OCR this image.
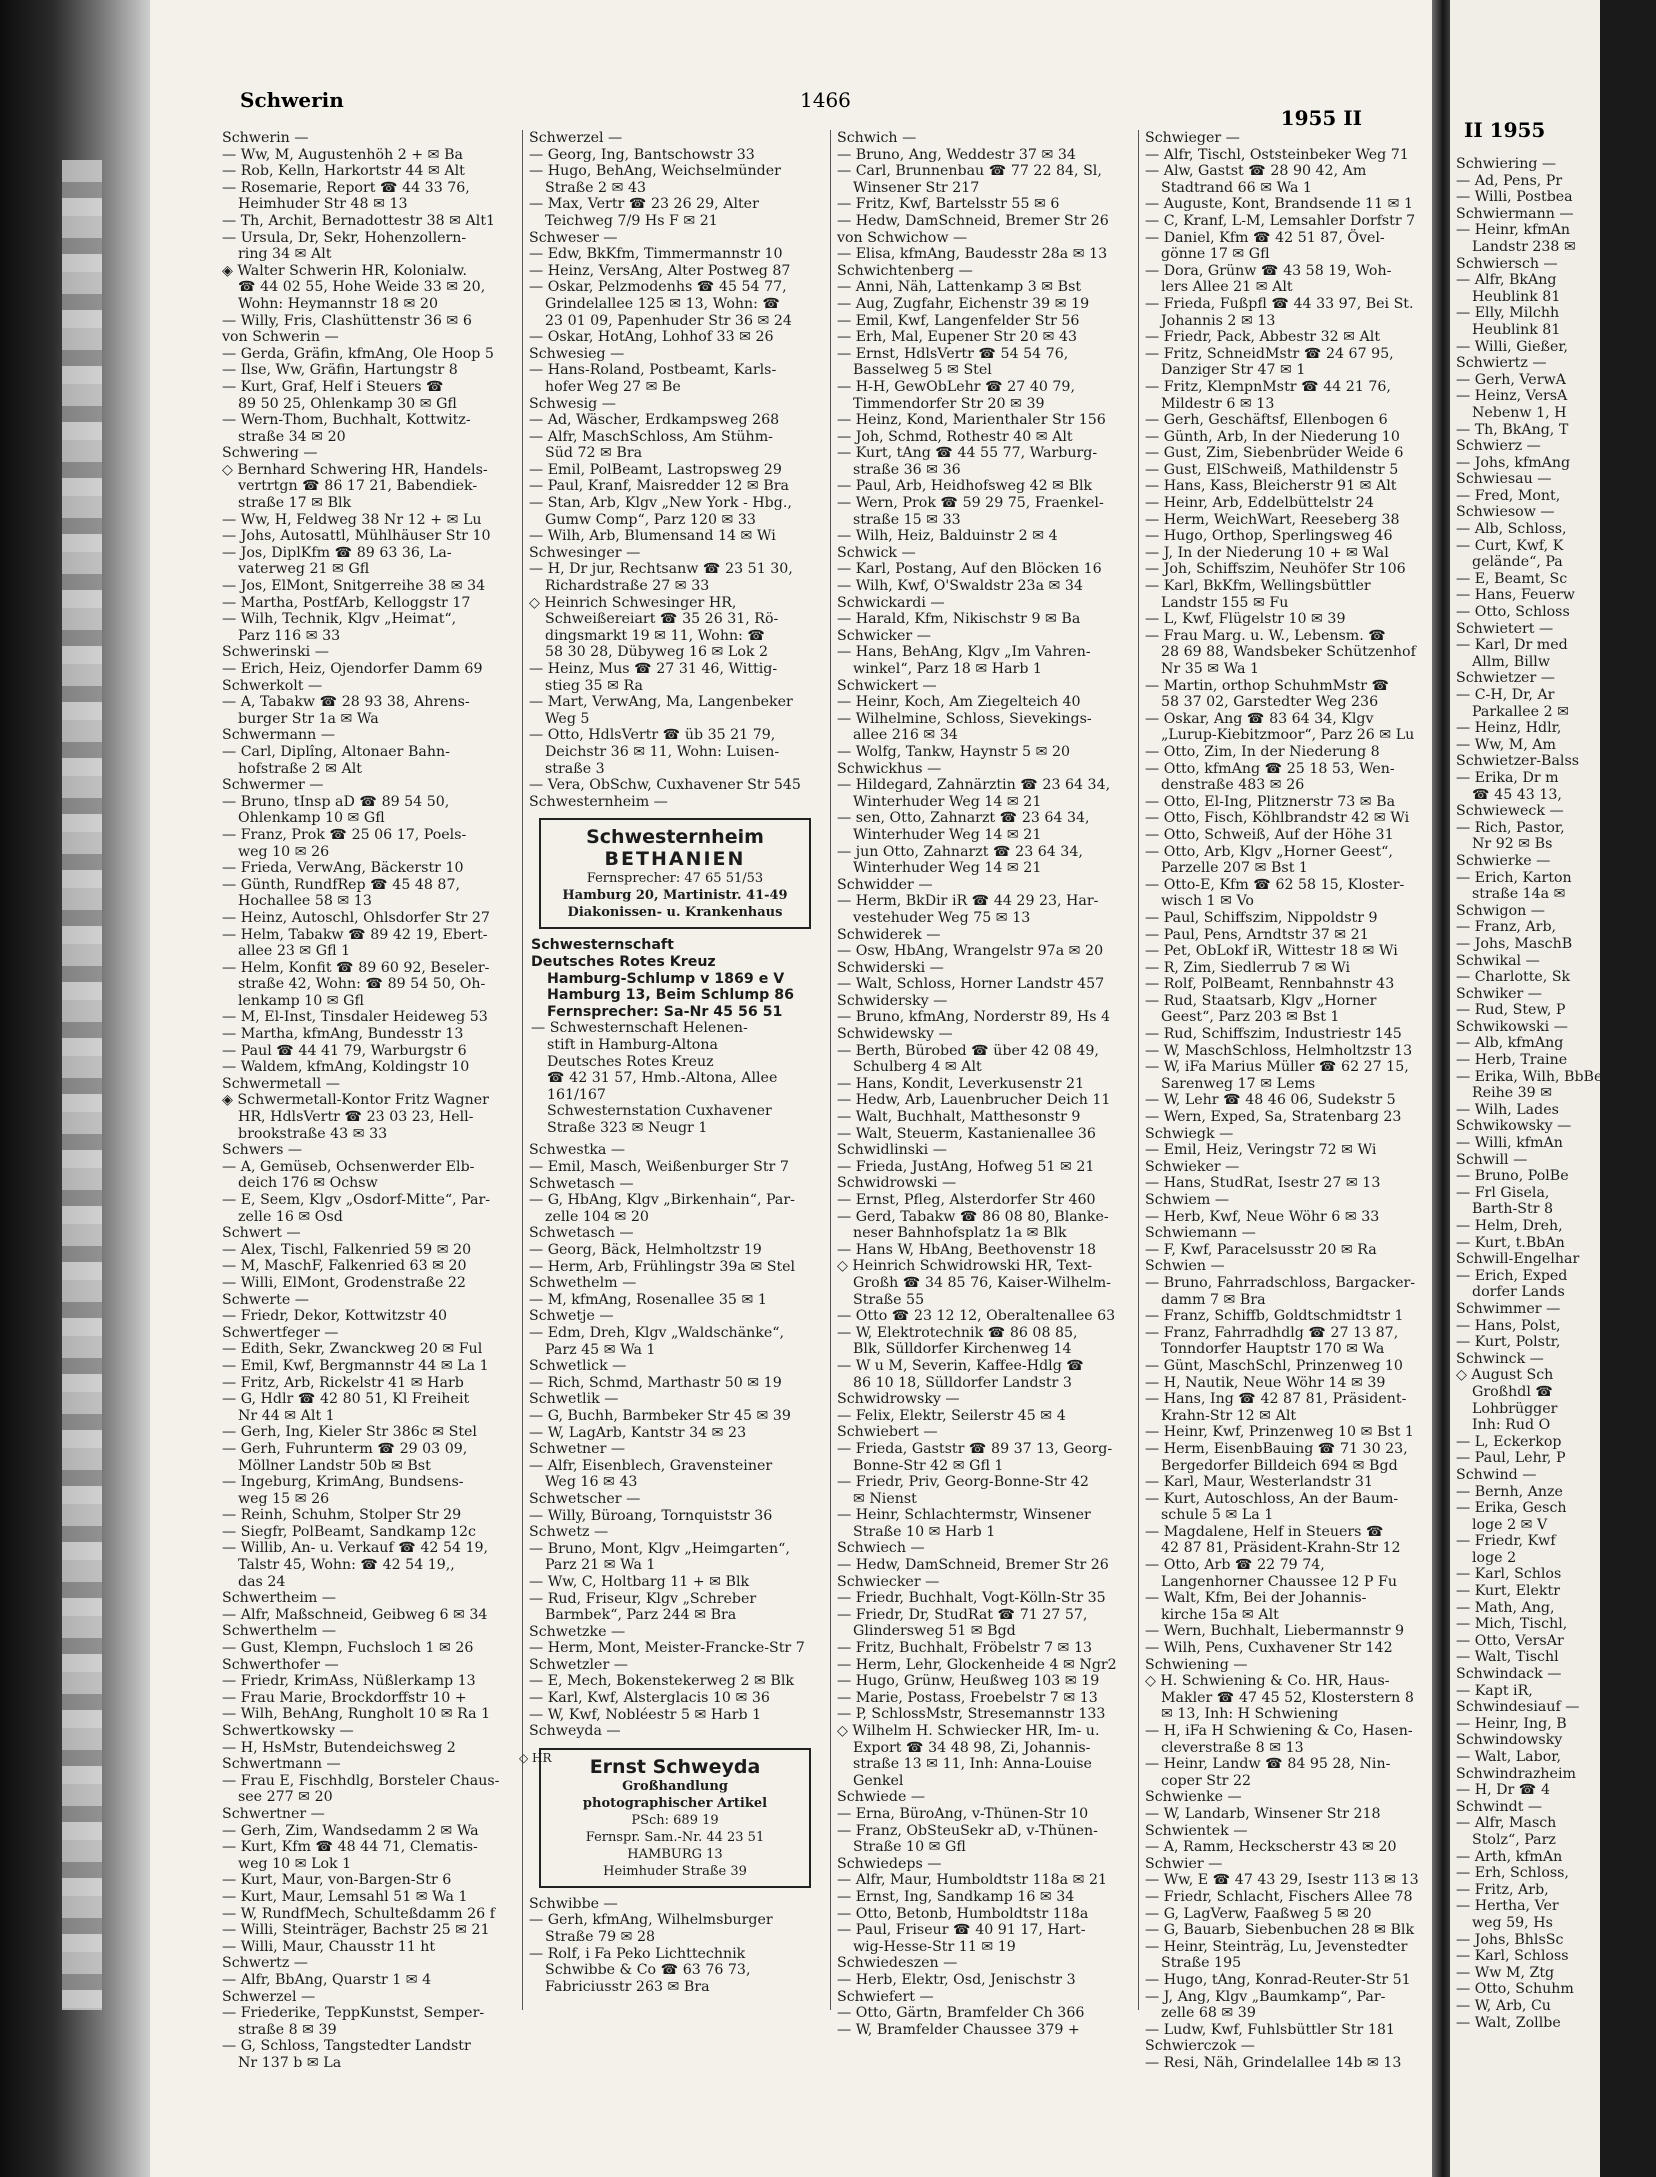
Schwerin	1466
1955 II
Schwerin —
— Ww, M, Augustenhöh 2 + ✉ Ba
— Rob, Kelln, Harkortstr 44 ✉ Alt
— Rosemarie, Report ☎ 44 33 76,
Heimhuder Str 48 ✉ 13
— Th, Archit, Bernadottestr 38 ✉ Alt1
— Ursula, Dr, Sekr, Hohenzollern-
ring 34 ✉ Alt
◈ Walter Schwerin HR, Kolonialw.
☎ 44 02 55, Hohe Weide 33 ✉ 20,
Wohn: Heymannstr 18 ✉ 20
— Willy, Fris, Clashüttenstr 36 ✉ 6
von Schwerin —
— Gerda, Gräfin, kfmAng, Ole Hoop 5
— Ilse, Ww, Gräfin, Hartungstr 8
— Kurt, Graf, Helf i Steuers ☎
89 50 25, Ohlenkamp 30 ✉ Gfl
— Wern-Thom, Buchhalt, Kottwitz-
straße 34 ✉ 20
Schwering —
◇ Bernhard Schwering HR, Handels-
vertrtgn ☎ 86 17 21, Babendiek-
straße 17 ✉ Blk
— Ww, H, Feldweg 38 Nr 12 + ✉ Lu
— Johs, Autosattl, Mühlhäuser Str 10
— Jos, DiplKfm ☎ 89 63 36, La-
vaterweg 21 ✉ Gfl
— Jos, ElMont, Snitgerreihe 38 ✉ 34
— Martha, PostfArb, Kelloggstr 17
— Wilh, Technik, Klgv „Heimat“,
Parz 116 ✉ 33
Schwerinski —
— Erich, Heiz, Ojendorfer Damm 69
Schwerkolt —
— A, Tabakw ☎ 28 93 38, Ahrens-
burger Str 1a ✉ Wa
Schwermann —
— Carl, Diplîng, Altonaer Bahn-
hofstraße 2 ✉ Alt
Schwermer —
— Bruno, tInsp aD ☎ 89 54 50,
Ohlenkamp 10 ✉ Gfl
— Franz, Prok ☎ 25 06 17, Poels-
weg 10 ✉ 26
— Frieda, VerwAng, Bäckerstr 10
— Günth, RundfRep ☎ 45 48 87,
Hochallee 58 ✉ 13
— Heinz, Autoschl, Ohlsdorfer Str 27
— Helm, Tabakw ☎ 89 42 19, Ebert-
allee 23 ✉ Gfl 1
— Helm, Konfit ☎ 89 60 92, Beseler-
straße 42, Wohn: ☎ 89 54 50, Oh-
lenkamp 10 ✉ Gfl
— M, El-Inst, Tinsdaler Heideweg 53
— Martha, kfmAng, Bundesstr 13
— Paul ☎ 44 41 79, Warburgstr 6
— Waldem, kfmAng, Koldingstr 10
Schwermetall —
◈ Schwermetall-Kontor Fritz Wagner
HR, HdlsVertr ☎ 23 03 23, Hell-
brookstraße 43 ✉ 33
Schwers —
— A, Gemüseb, Ochsenwerder Elb-
deich 176 ✉ Ochsw
— E, Seem, Klgv „Osdorf-Mitte“, Par-
zelle 16 ✉ Osd
Schwert —
— Alex, Tischl, Falkenried 59 ✉ 20
— M, MaschF, Falkenried 63 ✉ 20
— Willi, ElMont, Grodenstraße 22
Schwerte —
— Friedr, Dekor, Kottwitzstr 40
Schwertfeger —
— Edith, Sekr, Zwanckweg 20 ✉ Ful
— Emil, Kwf, Bergmannstr 44 ✉ La 1
— Fritz, Arb, Rickelstr 41 ✉ Harb
— G, Hdlr ☎ 42 80 51, Kl Freiheit
Nr 44 ✉ Alt 1
— Gerh, Ing, Kieler Str 386c ✉ Stel
— Gerh, Fuhrunterm ☎ 29 03 09,
Möllner Landstr 50b ✉ Bst
— Ingeburg, KrimAng, Bundsens-
weg 15 ✉ 26
— Reinh, Schuhm, Stolper Str 29
— Siegfr, PolBeamt, Sandkamp 12c
— Willib, An- u. Verkauf ☎ 42 54 19,
Talstr 45, Wohn: ☎ 42 54 19,,
das 24
Schwertheim —
— Alfr, Maßschneid, Geibweg 6 ✉ 34
Schwerthelm —
— Gust, Klempn, Fuchsloch 1 ✉ 26
Schwerthofer —
— Friedr, KrimAss, Nüßlerkamp 13
— Frau Marie, Brockdorffstr 10 +
— Wilh, BehAng, Rungholt 10 ✉ Ra 1
Schwertkowsky —
— H, HsMstr, Butendeichsweg 2
Schwertmann —
— Frau E, Fischhdlg, Borsteler Chaus-
see 277 ✉ 20
Schwertner —
— Gerh, Zim, Wandsedamm 2 ✉ Wa
— Kurt, Kfm ☎ 48 44 71, Clematis-
weg 10 ✉ Lok 1
— Kurt, Maur, von-Bargen-Str 6
— Kurt, Maur, Lemsahl 51 ✉ Wa 1
— W, RundfMech, Schulteßdamm 26 f
— Willi, Steinträger, Bachstr 25 ✉ 21
— Willi, Maur, Chausstr 11 ht
Schwertz —
— Alfr, BbAng, Quarstr 1 ✉ 4
Schwerzel —
— Friederike, TeppKunstst, Semper-
straße 8 ✉ 39
— G, Schloss, Tangstedter Landstr
Nr 137 b ✉ La
Schwerzel —
— Georg, Ing, Bantschowstr 33
— Hugo, BehAng, Weichselmünder
Straße 2 ✉ 43
— Max, Vertr ☎ 23 26 29, Alter
Teichweg 7/9 Hs F ✉ 21
Schweser —
— Edw, BkKfm, Timmermannstr 10
— Heinz, VersAng, Alter Postweg 87
— Oskar, Pelzmodenhs ☎ 45 54 77,
Grindelallee 125 ✉ 13, Wohn: ☎
23 01 09, Papenhuder Str 36 ✉ 24
— Oskar, HotAng, Lohhof 33 ✉ 26
Schwesieg —
— Hans-Roland, Postbeamt, Karls-
hofer Weg 27 ✉ Be
Schwesig —
— Ad, Wäscher, Erdkampsweg 268
— Alfr, MaschSchloss, Am Stühm-
Süd 72 ✉ Bra
— Emil, PolBeamt, Lastropsweg 29
— Paul, Kranf, Maisredder 12 ✉ Bra
— Stan, Arb, Klgv „New York - Hbg.,
Gumw Comp“, Parz 120 ✉ 33
— Wilh, Arb, Blumensand 14 ✉ Wi
Schwesinger —
— H, Dr jur, Rechtsanw ☎ 23 51 30,
Richardstraße 27 ✉ 33
◇ Heinrich Schwesinger HR,
Schweißereiart ☎ 35 26 31, Rö-
dingsmarkt 19 ✉ 11, Wohn: ☎
58 30 28, Dübyweg 16 ✉ Lok 2
— Heinz, Mus ☎ 27 31 46, Wittig-
stieg 35 ✉ Ra
— Mart, VerwAng, Ma, Langenbeker
Weg 5
— Otto, HdlsVertr ☎ üb 35 21 79,
Deichstr 36 ✉ 11, Wohn: Luisen-
straße 3
— Vera, ObSchw, Cuxhavener Str 545
Schwesternheim —
Schwesternheim
BETHANIEN
Fernsprecher: 47 65 51/53
Hamburg 20, Martinistr. 41-49
Diakonissen- u. Krankenhaus
Schwesternschaft
Deutsches Rotes Kreuz
Hamburg-Schlump v 1869 e V
Hamburg 13, Beim Schlump 86
Fernsprecher: Sa-Nr 45 56 51
— Schwesternschaft Helenen-
stift in Hamburg-Altona
Deutsches Rotes Kreuz
☎ 42 31 57, Hmb.-Altona, Allee
161/167
Schwesternstation Cuxhavener
Straße 323 ✉ Neugr 1
Schwestka —
— Emil, Masch, Weißenburger Str 7
Schwetasch —
— G, HbAng, Klgv „Birkenhain“, Par-
zelle 104 ✉ 20
Schwetasch —
— Georg, Bäck, Helmholtzstr 19
— Herm, Arb, Frühlingstr 39a ✉ Stel
Schwethelm —
— M, kfmAng, Rosenallee 35 ✉ 1
Schwetje —
— Edm, Dreh, Klgv „Waldschänke“,
Parz 45 ✉ Wa 1
Schwetlick —
— Rich, Schmd, Marthastr 50 ✉ 19
Schwetlik —
— G, Buchh, Barmbeker Str 45 ✉ 39
— W, LagArb, Kantstr 34 ✉ 23
Schwetner —
— Alfr, Eisenblech, Gravensteiner
Weg 16 ✉ 43
Schwetscher —
— Willy, Büroang, Tornquiststr 36
Schwetz —
— Bruno, Mont, Klgv „Heimgarten“,
Parz 21 ✉ Wa 1
— Ww, C, Holtbarg 11 + ✉ Blk
— Rud, Friseur, Klgv „Schreber
Barmbek“, Parz 244 ✉ Bra
Schwetzke —
— Herm, Mont, Meister-Francke-Str 7
Schwetzler —
— E, Mech, Bokenstekerweg 2 ✉ Blk
— Karl, Kwf, Alsterglacis 10 ✉ 36
— W, Kwf, Nobléestr 5 ✉ Harb 1
Schweyda —
◇ HR	Ernst Schweyda
Großhandlung
photographischer Artikel
PSch: 689 19
Fernspr. Sam.-Nr. 44 23 51
HAMBURG 13
Heimhuder Straße 39
Schwibbe —
— Gerh, kfmAng, Wilhelmsburger
Straße 79 ✉ 28
— Rolf, i Fa Peko Lichttechnik
Schwibbe & Co ☎ 63 76 73,
Fabriciusstr 263 ✉ Bra
Schwich —
— Bruno, Ang, Weddestr 37 ✉ 34
— Carl, Brunnenbau ☎ 77 22 84, Sl,
Winsener Str 217
— Fritz, Kwf, Bartelsstr 55 ✉ 6
— Hedw, DamSchneid, Bremer Str 26
von Schwichow —
— Elisa, kfmAng, Baudesstr 28a ✉ 13
Schwichtenberg —
— Anni, Näh, Lattenkamp 3 ✉ Bst
— Aug, Zugfahr, Eichenstr 39 ✉ 19
— Emil, Kwf, Langenfelder Str 56
— Erh, Mal, Eupener Str 20 ✉ 43
— Ernst, HdlsVertr ☎ 54 54 76,
Basselweg 5 ✉ Stel
— H-H, GewObLehr ☎ 27 40 79,
Timmendorfer Str 20 ✉ 39
— Heinz, Kond, Marienthaler Str 156
— Joh, Schmd, Rothestr 40 ✉ Alt
— Kurt, tAng ☎ 44 55 77, Warburg-
straße 36 ✉ 36
— Paul, Arb, Heidhofsweg 42 ✉ Blk
— Wern, Prok ☎ 59 29 75, Fraenkel-
straße 15 ✉ 33
— Wilh, Heiz, Balduinstr 2 ✉ 4
Schwick —
— Karl, Postang, Auf den Blöcken 16
— Wilh, Kwf, O'Swaldstr 23a ✉ 34
Schwickardi —
— Harald, Kfm, Nikischstr 9 ✉ Ba
Schwicker —
— Hans, BehAng, Klgv „Im Vahren-
winkel“, Parz 18 ✉ Harb 1
Schwickert —
— Heinr, Koch, Am Ziegelteich 40
— Wilhelmine, Schloss, Sievekings-
allee 216 ✉ 34
— Wolfg, Tankw, Haynstr 5 ✉ 20
Schwickhus —
— Hildegard, Zahnärztin ☎ 23 64 34,
Winterhuder Weg 14 ✉ 21
— sen, Otto, Zahnarzt ☎ 23 64 34,
Winterhuder Weg 14 ✉ 21
— jun Otto, Zahnarzt ☎ 23 64 34,
Winterhuder Weg 14 ✉ 21
Schwidder —
— Herm, BkDir iR ☎ 44 29 23, Har-
vestehuder Weg 75 ✉ 13
Schwiderek —
— Osw, HbAng, Wrangelstr 97a ✉ 20
Schwiderski —
— Walt, Schloss, Horner Landstr 457
Schwidersky —
— Bruno, kfmAng, Norderstr 89, Hs 4
Schwidewsky —
— Berth, Bürobed ☎ über 42 08 49,
Schulberg 4 ✉ Alt
— Hans, Kondit, Leverkusenstr 21
— Hedw, Arb, Lauenbrucher Deich 11
— Walt, Buchhalt, Matthesonstr 9
— Walt, Steuerm, Kastanienallee 36
Schwidlinski —
— Frieda, JustAng, Hofweg 51 ✉ 21
Schwidrowski —
— Ernst, Pfleg, Alsterdorfer Str 460
— Gerd, Tabakw ☎ 86 08 80, Blanke-
neser Bahnhofsplatz 1a ✉ Blk
— Hans W, HbAng, Beethovenstr 18
◇ Heinrich Schwidrowski HR, Text-
Großh ☎ 34 85 76, Kaiser-Wilhelm-
Straße 55
— Otto ☎ 23 12 12, Oberaltenallee 63
— W, Elektrotechnik ☎ 86 08 85,
Blk, Sülldorfer Kirchenweg 14
— W u M, Severin, Kaffee-Hdlg ☎
86 10 18, Sülldorfer Landstr 3
Schwidrowsky —
— Felix, Elektr, Seilerstr 45 ✉ 4
Schwiebert —
— Frieda, Gaststr ☎ 89 37 13, Georg-
Bonne-Str 42 ✉ Gfl 1
— Friedr, Priv, Georg-Bonne-Str 42
✉ Nienst
— Heinr, Schlachtermstr, Winsener
Straße 10 ✉ Harb 1
Schwiech —
— Hedw, DamSchneid, Bremer Str 26
Schwiecker —
— Friedr, Buchhalt, Vogt-Kölln-Str 35
— Friedr, Dr, StudRat ☎ 71 27 57,
Glindersweg 51 ✉ Bgd
— Fritz, Buchhalt, Fröbelstr 7 ✉ 13
— Herm, Lehr, Glockenheide 4 ✉ Ngr2
— Hugo, Grünw, Heußweg 103 ✉ 19
— Marie, Postass, Froebelstr 7 ✉ 13
— P, SchlossMstr, Stresemannstr 133
◇ Wilhelm H. Schwiecker HR, Im- u.
Export ☎ 34 48 98, Zi, Johannis-
straße 13 ✉ 11, Inh: Anna-Louise
Genkel
Schwiede —
— Erna, BüroAng, v-Thünen-Str 10
— Franz, ObSteuSekr aD, v-Thünen-
Straße 10 ✉ Gfl
Schwiedeps —
— Alfr, Maur, Humboldtstr 118a ✉ 21
— Ernst, Ing, Sandkamp 16 ✉ 34
— Otto, Betonb, Humboldtstr 118a
— Paul, Friseur ☎ 40 91 17, Hart-
wig-Hesse-Str 11 ✉ 19
Schwiedeszen —
— Herb, Elektr, Osd, Jenischstr 3
Schwiefert —
— Otto, Gärtn, Bramfelder Ch 366
— W, Bramfelder Chaussee 379 +
Schwieger —
— Alfr, Tischl, Oststeinbeker Weg 71
— Alw, Gastst ☎ 28 90 42, Am
Stadtrand 66 ✉ Wa 1
— Auguste, Kont, Brandsende 11 ✉ 1
— C, Kranf, L-M, Lemsahler Dorfstr 7
— Daniel, Kfm ☎ 42 51 87, Övel-
gönne 17 ✉ Gfl
— Dora, Grünw ☎ 43 58 19, Woh-
lers Allee 21 ✉ Alt
— Frieda, Fußpfl ☎ 44 33 97, Bei St.
Johannis 2 ✉ 13
— Friedr, Pack, Abbestr 32 ✉ Alt
— Fritz, SchneidMstr ☎ 24 67 95,
Danziger Str 47 ✉ 1
— Fritz, KlempnMstr ☎ 44 21 76,
Mildestr 6 ✉ 13
— Gerh, Geschäftsf, Ellenbogen 6
— Günth, Arb, In der Niederung 10
— Gust, Zim, Siebenbrüder Weide 6
— Gust, ElSchweiß, Mathildenstr 5
— Hans, Kass, Bleicherstr 91 ✉ Alt
— Heinr, Arb, Eddelbüttelstr 24
— Herm, WeichWart, Reeseberg 38
— Hugo, Orthop, Sperlingsweg 46
— J, In der Niederung 10 + ✉ Wal
— Joh, Schiffszim, Neuhöfer Str 106
— Karl, BkKfm, Wellingsbüttler
Landstr 155 ✉ Fu
— L, Kwf, Flügelstr 10 ✉ 39
— Frau Marg. u. W., Lebensm. ☎
28 69 88, Wandsbeker Schützenhof
Nr 35 ✉ Wa 1
— Martin, orthop SchuhmMstr ☎
58 37 02, Garstedter Weg 236
— Oskar, Ang ☎ 83 64 34, Klgv
„Lurup-Kiebitzmoor“, Parz 26 ✉ Lu
— Otto, Zim, In der Niederung 8
— Otto, kfmAng ☎ 25 18 53, Wen-
denstraße 483 ✉ 26
— Otto, El-Ing, Plitznerstr 73 ✉ Ba
— Otto, Fisch, Köhlbrandstr 42 ✉ Wi
— Otto, Schweiß, Auf der Höhe 31
— Otto, Arb, Klgv „Horner Geest“,
Parzelle 207 ✉ Bst 1
— Otto-E, Kfm ☎ 62 58 15, Kloster-
wisch 1 ✉ Vo
— Paul, Schiffszim, Nippoldstr 9
— Paul, Pens, Arndtstr 37 ✉ 21
— Pet, ObLokf iR, Wittestr 18 ✉ Wi
— R, Zim, Siedlerrub 7 ✉ Wi
— Rolf, PolBeamt, Rennbahnstr 43
— Rud, Staatsarb, Klgv „Horner
Geest“, Parz 203 ✉ Bst 1
— Rud, Schiffszim, Industriestr 145
— W, MaschSchloss, Helmholtzstr 13
— W, iFa Marius Müller ☎ 62 27 15,
Sarenweg 17 ✉ Lems
— W, Lehr ☎ 48 46 06, Sudekstr 5
— Wern, Exped, Sa, Stratenbarg 23
Schwiegk —
— Emil, Heiz, Veringstr 72 ✉ Wi
Schwieker —
— Hans, StudRat, Isestr 27 ✉ 13
Schwiem —
— Herb, Kwf, Neue Wöhr 6 ✉ 33
Schwiemann —
— F, Kwf, Paracelsusstr 20 ✉ Ra
Schwien —
— Bruno, Fahrradschloss, Bargacker-
damm 7 ✉ Bra
— Franz, Schiffb, Goldtschmidtstr 1
— Franz, Fahrradhdlg ☎ 27 13 87,
Tonndorfer Hauptstr 170 ✉ Wa
— Günt, MaschSchl, Prinzenweg 10
— H, Nautik, Neue Wöhr 14 ✉ 39
— Hans, Ing ☎ 42 87 81, Präsident-
Krahn-Str 12 ✉ Alt
— Heinr, Kwf, Prinzenweg 10 ✉ Bst 1
— Herm, EisenbBauing ☎ 71 30 23,
Bergedorfer Billdeich 694 ✉ Bgd
— Karl, Maur, Westerlandstr 31
— Kurt, Autoschloss, An der Baum-
schule 5 ✉ La 1
— Magdalene, Helf in Steuers ☎
42 87 81, Präsident-Krahn-Str 12
— Otto, Arb ☎ 22 79 74,
Langenhorner Chaussee 12 P Fu
— Walt, Kfm, Bei der Johannis-
kirche 15a ✉ Alt
— Wern, Buchhalt, Liebermannstr 9
— Wilh, Pens, Cuxhavener Str 142
Schwiening —
◇ H. Schwiening & Co. HR, Haus-
Makler ☎ 47 45 52, Klosterstern 8
✉ 13, Inh: H Schwiening
— H, iFa H Schwiening & Co, Hasen-
cleverstraße 8 ✉ 13
— Heinr, Landw ☎ 84 95 28, Nin-
coper Str 22
Schwienke —
— W, Landarb, Winsener Str 218
Schwientek —
— A, Ramm, Heckscherstr 43 ✉ 20
Schwier —
— Ww, E ☎ 47 43 29, Isestr 113 ✉ 13
— Friedr, Schlacht, Fischers Allee 78
— G, LagVerw, Faaßweg 5 ✉ 20
— G, Bauarb, Siebenbuchen 28 ✉ Blk
— Heinr, Steinträg, Lu, Jevenstedter
Straße 195
— Hugo, tAng, Konrad-Reuter-Str 51
— J, Ang, Klgv „Baumkamp“, Par-
zelle 68 ✉ 39
— Ludw, Kwf, Fuhlsbüttler Str 181
Schwierczok —
— Resi, Näh, Grindelallee 14b ✉ 13
II 1955
Schwiering —
— Ad, Pens, Pr
— Willi, Postbea
Schwiermann —
— Heinr, kfmAn
Landstr 238 ✉
Schwiersch —
— Alfr, BkAng
Heublink 81
— Elly, Milchh
Heublink 81
— Willi, Gießer,
Schwiertz —
— Gerh, VerwA
— Heinz, VersA
Nebenw 1, H
— Th, BkAng, T
Schwierz —
— Johs, kfmAng
Schwiesau —
— Fred, Mont,
Schwiesow —
— Alb, Schloss,
— Curt, Kwf, K
gelände“, Pa
— E, Beamt, Sc
— Hans, Feuerw
— Otto, Schloss
Schwietert —
— Karl, Dr med
Allm, Billw
Schwietzer —
— C-H, Dr, Ar
Parkallee 2 ✉
— Heinz, Hdlr,
— Ww, M, Am
Schwietzer-Balss
— Erika, Dr m
☎ 45 43 13,
Schwieweck —
— Rich, Pastor,
Nr 92 ✉ Bs
Schwierke —
— Erich, Karton
straße 14a ✉
Schwigon —
— Franz, Arb,
— Johs, MaschB
Schwikal —
— Charlotte, Sk
Schwiker —
— Rud, Stew, P
Schwikowski —
— Alb, kfmAng
— Herb, Traine
— Erika, Wilh, BbBea
Reihe 39 ✉
— Wilh, Lades
Schwikowsky —
— Willi, kfmAn
Schwill —
— Bruno, PolBe
— Frl Gisela,
Barth-Str 8
— Helm, Dreh,
— Kurt, t.BbAn
Schwill-Engelhar
— Erich, Exped
dorfer Lands
Schwimmer —
— Hans, Polst,
— Kurt, Polstr,
Schwinck —
◇ August Sch
Großhdl ☎
Lohbrügger
Inh: Rud O
— L, Eckerkop
— Paul, Lehr, P
Schwind —
— Bernh, Anze
— Erika, Gesch
loge 2 ✉ V
— Friedr, Kwf
loge 2
— Karl, Schlos
— Kurt, Elektr
— Math, Ang,
— Mich, Tischl,
— Otto, VersAr
— Walt, Tischl
Schwindack —
— Kapt iR,
Schwindesiauf —
— Heinr, Ing, B
Schwindowsky
— Walt, Labor,
Schwindrazheim
— H, Dr ☎ 4
Schwindt —
— Alfr, Masch
Stolz“, Parz
— Arth, kfmAn
— Erh, Schloss,
— Fritz, Arb,
— Hertha, Ver
weg 59, Hs
— Johs, BhlsSc
— Karl, Schloss
— Ww M, Ztg
— Otto, Schuhm
— W, Arb, Cu
— Walt, Zollbe
